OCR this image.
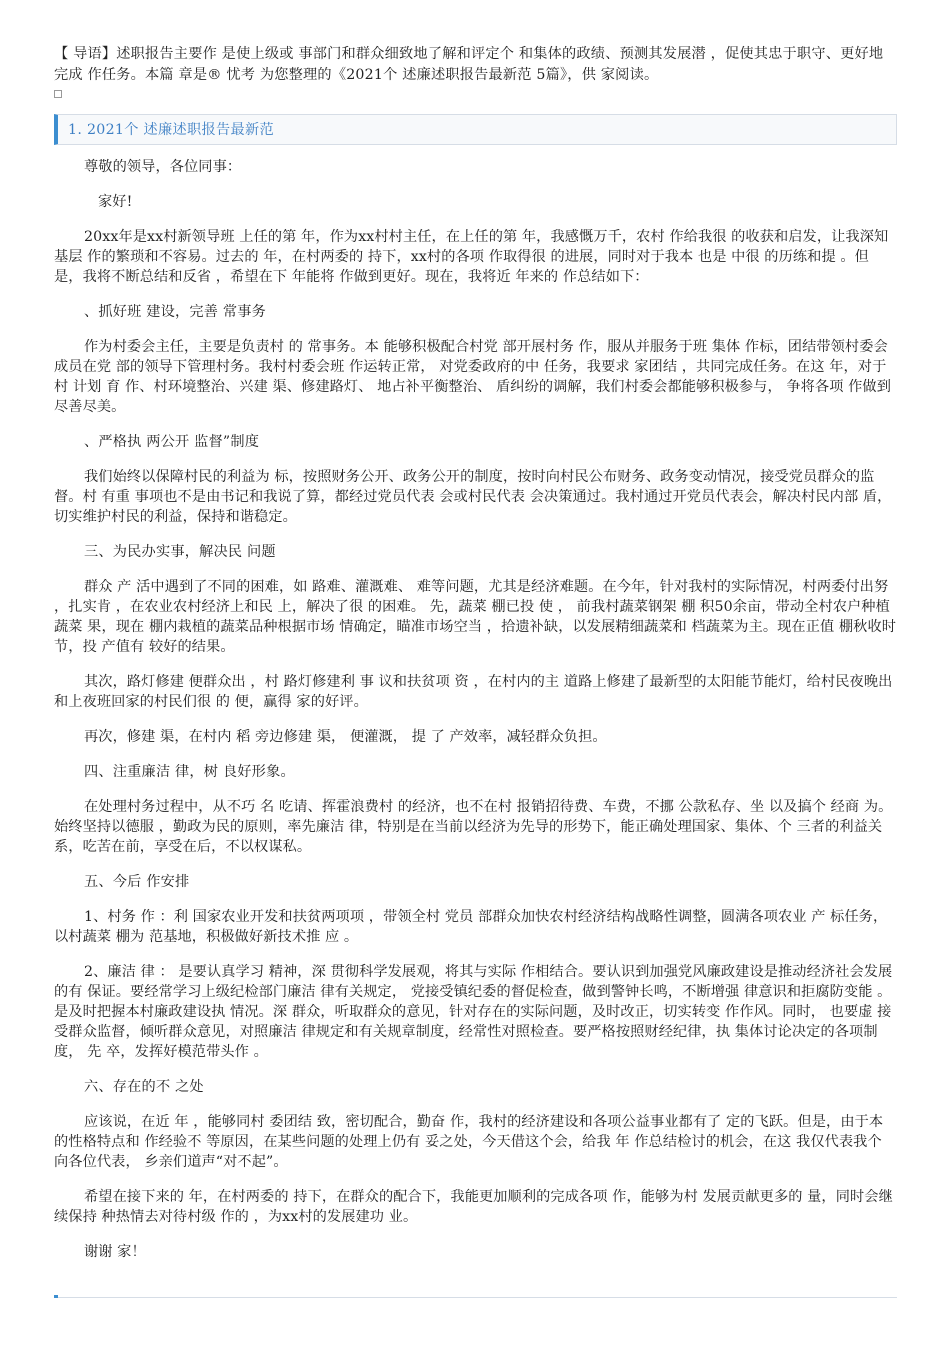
【 导语】述职报告主要作 是使上级或 事部门和群众细致地了解和评定个 和集体的政绩、预测其发展潜 ，促使其忠于职守、更好地完成 作任务。本篇 章是® 忧考 为您整理的《2021个 述廉述职报告最新范 5篇》，供 家阅读。

1. 2021个 述廉述职报告最新范

尊敬的领导，各位同事：

家好!

20xx年是xx村新领导班 上任的第 年，作为xx村村主任，在上任的第 年，我感慨万千，农村 作给我很 的收获和启发，让我深知基层 作的繁琐和不容易。过去的 年，在村两委的 持下，xx村的各项 作取得很 的进展，同时对于我本 也是 中很 的历练和提 。但是，我将不断总结和反省 ，希望在下 年能将 作做到更好。现在，我将近 年来的 作总结如下：

、抓好班 建设，完善 常事务

作为村委会主任，主要是负责村 的 常事务。本 能够积极配合村党 部开展村务 作，服从并服务于班 集体 作标，团结带领村委会成员在党 部的领导下管理村务。我村村委会班 作运转正常， 对党委政府的中 任务，我要求 家团结 ，共同完成任务。在这 年，对于村 计划 育 作、村环境整治、兴建 渠、修建路灯、 地占补平衡整治、 盾纠纷的调解，我们村委会都能够积极参与， 争将各项 作做到尽善尽美。

、严格执 两公开 监督”制度

我们始终以保障村民的利益为 标，按照财务公开、政务公开的制度，按时向村民公布财务、政务变动情况，接受党员群众的监督。村 有重 事项也不是由书记和我说了算，都经过党员代表 会或村民代表 会决策通过。我村通过开党员代表会，解决村民内部 盾，切实维护村民的利益，保持和谐稳定。

三、为民办实事，解决民 问题

群众 产 活中遇到了不同的困难，如 路难、灌溉难、 难等问题，尤其是经济难题。在今年，针对我村的实际情况，村两委付出努 ，扎实肯 ，在农业农村经济上和民 上，解决了很 的困难。 先，蔬菜 棚已投 使 ， 前我村蔬菜钢架 棚 积50余亩，带动全村农户种植蔬菜 果，现在 棚内栽植的蔬菜品种根据市场 情确定，瞄准市场空当 ，拾遗补缺，以发展精细蔬菜和 档蔬菜为主。现在正值 棚秋收时节，投 产值有 较好的结果。

其次，路灯修建 便群众出 ，村 路灯修建利 事 议和扶贫项 资 ，在村内的主 道路上修建了最新型的太阳能节能灯，给村民夜晚出 和上夜班回家的村民们很 的 便，赢得 家的好评。

再次，修建 渠，在村内 稻 旁边修建 渠， 便灌溉， 提 了 产效率，减轻群众负担。

四、注重廉洁 律，树 良好形象。

在处理村务过程中，从不巧 名 吃请、挥霍浪费村 的经济，也不在村 报销招待费、车费，不挪 公款私存、坐 以及搞个 经商 为。始终坚持以德服 ，勤政为民的原则，率先廉洁 律，特别是在当前以经济为先导的形势下，能正确处理国家、集体、个 三者的利益关系，吃苦在前，享受在后，不以权谋私。

五、今后 作安排

1、村务 作 ：利 国家农业开发和扶贫两项项 ，带领全村 党员 部群众加快农村经济结构战略性调整，圆满各项农业 产 标任务，以村蔬菜 棚为 范基地，积极做好新技术推 应 。

2、廉洁 律 ： 是要认真学习 精神，深 贯彻科学发展观，将其与实际 作相结合。要认识到加强党风廉政建设是推动经济社会发展的有 保证。要经常学习上级纪检部门廉洁 律有关规定， 党接受镇纪委的督促检查，做到警钟长鸣，不断增强 律意识和拒腐防变能 。 是及时把握本村廉政建设执 情况。深 群众，听取群众的意见，针对存在的实际问题，及时改正，切实转变 作作风。同时， 也要虚 接受群众监督，倾听群众意见，对照廉洁 律规定和有关规章制度，经常性对照检查。要严格按照财经纪律，执 集体讨论决定的各项制度， 先 卒，发挥好模范带头作 。

六、存在的不 之处

应该说，在近 年 ，能够同村 委团结 致，密切配合，勤奋 作，我村的经济建设和各项公益事业都有了 定的飞跃。但是，由于本 的性格特点和 作经验不 等原因，在某些问题的处理上仍有 妥之处，今天借这个会，给我 年 作总结检讨的机会，在这 我仅代表我个 向各位代表， 乡亲们道声“对不起”。

希望在接下来的 年，在村两委的 持下，在群众的配合下，我能更加顺利的完成各项 作，能够为村 发展贡献更多的 量，同时会继续保持 种热情去对待村级 作的 ，为xx村的发展建功 业。

谢谢 家！
